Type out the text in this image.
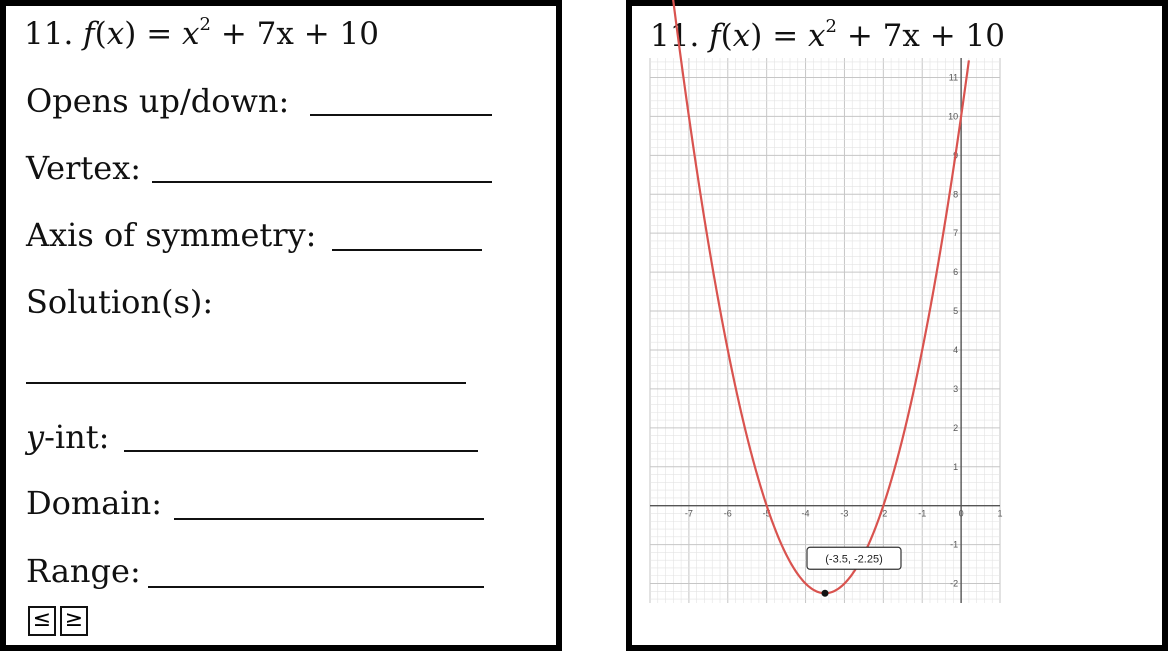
11. $f(x) = x^2 + 7x + 10$
Opens up/down:
Vertex:
Axis of symmetry:
Solution(s):
y-int:
Domain:
Range:
≤ ≥
11. $f(x) = x^2 + 7x + 10$
-7	-6	-5	-4	-3	-2	-1	0	1
-2
-1
1
2
3
4
5
6
7
8
9
10
11
(-3.5, -2.25)
